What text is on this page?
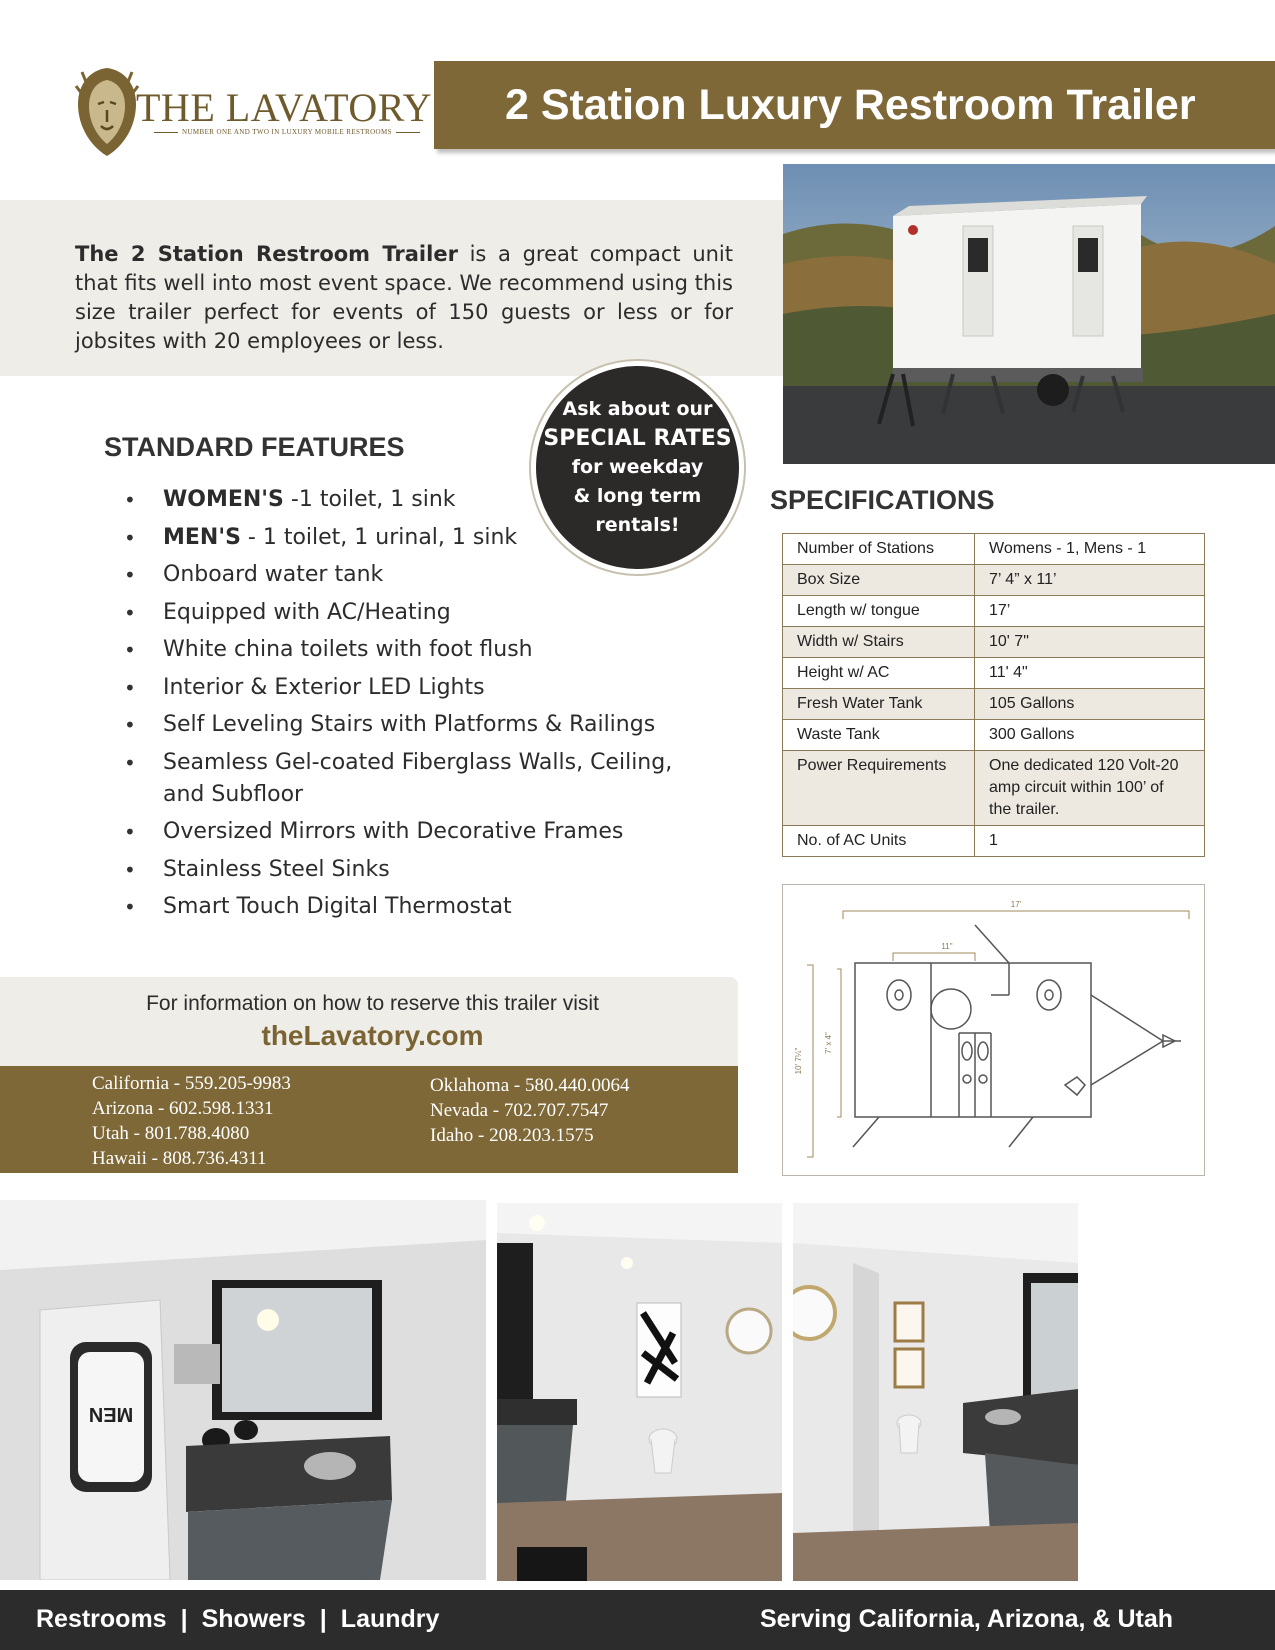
THE LAVATORY
NUMBER ONE AND TWO IN LUXURY MOBILE RESTROOMS
2 Station Luxury Restroom Trailer

The 2 Station Restroom Trailer is a great compact unit that fits well into most event space. We recommend using this size trailer perfect for events of 150 guests or less or for jobsites with 20 employees or less.

Ask about our
SPECIAL RATES
for weekday
& long term
rentals!
STANDARD FEATURES
• WOMEN'S -1 toilet, 1 sink
• MEN'S - 1 toilet, 1 urinal, 1 sink
• Onboard water tank
• Equipped with AC/Heating
• White china toilets with foot flush
• Interior & Exterior LED Lights
• Self Leveling Stairs with Platforms & Railings
• Seamless Gel-coated Fiberglass Walls, Ceiling, and Subfloor
• Oversized Mirrors with Decorative Frames
• Stainless Steel Sinks
• Smart Touch Digital Thermostat
SPECIFICATIONS
Number of Stations	Womens - 1, Mens - 1
Box Size	7’ 4” x 11’
Length w/ tongue	17’
Width w/ Stairs	10' 7"
Height w/ AC	11' 4"
Fresh Water Tank	105 Gallons
Waste Tank	300 Gallons
Power Requirements	One dedicated 120 Volt-20 amp circuit within 100’ of the trailer.
No. of AC Units	1
17'
11"
10' 7¼"
7' x 4"
For information on how to reserve this trailer visit
theLavatory.com
California - 559.205-9983
Arizona - 602.598.1331
Utah - 801.788.4080
Hawaii - 808.736.4311
Oklahoma - 580.440.0064
Nevada - 702.707.7547
Idaho - 208.203.1575
MEN
Restrooms | Showers | Laundry	Serving California, Arizona, & Utah
